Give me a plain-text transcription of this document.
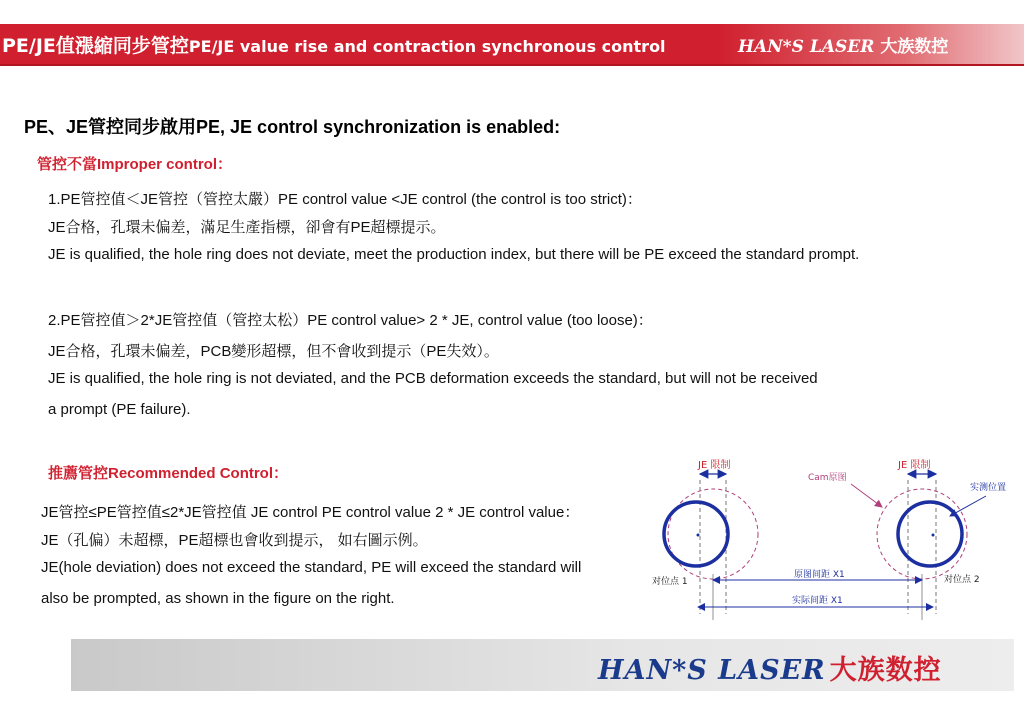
PE/JE值漲縮同步管控 PE/JE value rise and contraction synchronous control	HAN*S LASER 大族数控
PE、JE管控同步啟用PE, JE control synchronization is enabled:
管控不當Improper control：
1.PE管控值＜JE管控（管控太嚴）PE control value <JE control (the control is too strict)：
JE合格，孔環未偏差，滿足生產指標，卻會有PE超標提示。
JE is qualified, the hole ring does not deviate, meet the production index, but there will be PE exceed the standard prompt.
2.PE管控值＞2*JE管控值（管控太松）PE control value> 2 * JE, control value (too loose)：
JE合格，孔環未偏差，PCB變形超標，但不會收到提示（PE失效）。
JE is qualified, the hole ring is not deviated, and the PCB deformation exceeds the standard, but will not be received
a prompt (PE failure).
推薦管控Recommended Control：
JE管控≤PE管控值≤2*JE管控值 JE control PE control value 2 * JE control value：
JE（孔偏）未超標，PE超標也會收到提示， 如右圖示例。
JE(hole deviation) does not exceed the standard, PE will exceed the standard will
also be prompted, as shown in the figure on the right.
JE 限制	JE 限制
Cam原图
实测位置
原图间距 X1
实际间距 X1
对位点 1	对位点 2
HAN*S LASER 大族数控
